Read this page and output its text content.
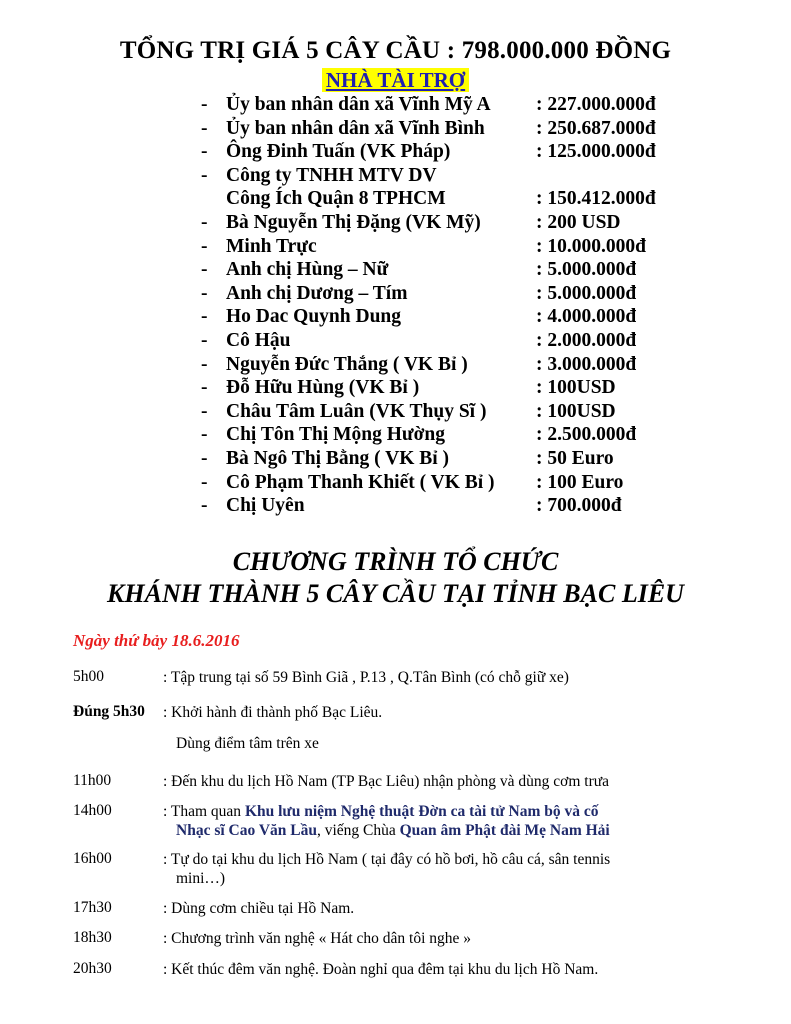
TỔNG TRỊ GIÁ 5 CÂY CẦU : 798.000.000 ĐỒNG
NHÀ TÀI TRỢ
- Ủy ban nhân dân xã Vĩnh Mỹ A : 227.000.000đ
- Ủy ban nhân dân xã Vĩnh Bình	: 250.687.000đ
- Ông Đinh Tuấn (VK Pháp)	: 125.000.000đ
- Công ty TNHH MTV DV
Công Ích Quận 8 TPHCM	: 150.412.000đ
- Bà Nguyễn Thị Đặng (VK Mỹ)	: 200 USD
- Minh Trực	: 10.000.000đ
- Anh chị Hùng – Nữ	: 5.000.000đ
- Anh chị Dương – Tím	: 5.000.000đ
- Ho Dac Quynh Dung	: 4.000.000đ
- Cô Hậu	: 2.000.000đ
- Nguyễn Đức Thắng ( VK Bỉ )	: 3.000.000đ
- Đỗ Hữu Hùng (VK Bỉ )	: 100USD
- Châu Tâm Luân (VK Thụy Sĩ )	: 100USD
- Chị Tôn Thị Mộng Hường	: 2.500.000đ
- Bà Ngô Thị Bằng ( VK Bỉ )	: 50 Euro
- Cô Phạm Thanh Khiết ( VK Bỉ ) : 100 Euro
- Chị Uyên	: 700.000đ
CHƯƠNG TRÌNH TỔ CHỨC
KHÁNH THÀNH 5 CÂY CẦU TẠI TỈNH BẠC LIÊU
Ngày thứ bảy 18.6.2016
5h00	: Tập trung tại số 59 Bình Giã , P.13 , Q.Tân Bình (có chỗ giữ xe)
Đúng 5h30 : Khởi hành đi thành phố Bạc Liêu.
Dùng điểm tâm trên xe
11h00	: Đến khu du lịch Hồ Nam (TP Bạc Liêu) nhận phòng và dùng cơm trưa
14h00	: Tham quan Khu lưu niệm Nghệ thuật Đờn ca tài tử Nam bộ và cố
Nhạc sĩ Cao Văn Lầu, viếng Chùa Quan âm Phật đài Mẹ Nam Hải
16h00	: Tự do tại khu du lịch Hồ Nam ( tại đây có hồ bơi, hồ câu cá, sân tennis
mini…)
17h30	: Dùng cơm chiều tại Hồ Nam.
18h30	: Chương trình văn nghệ « Hát cho dân tôi nghe »
20h30	: Kết thúc đêm văn nghệ. Đoàn nghỉ qua đêm tại khu du lịch Hồ Nam.
